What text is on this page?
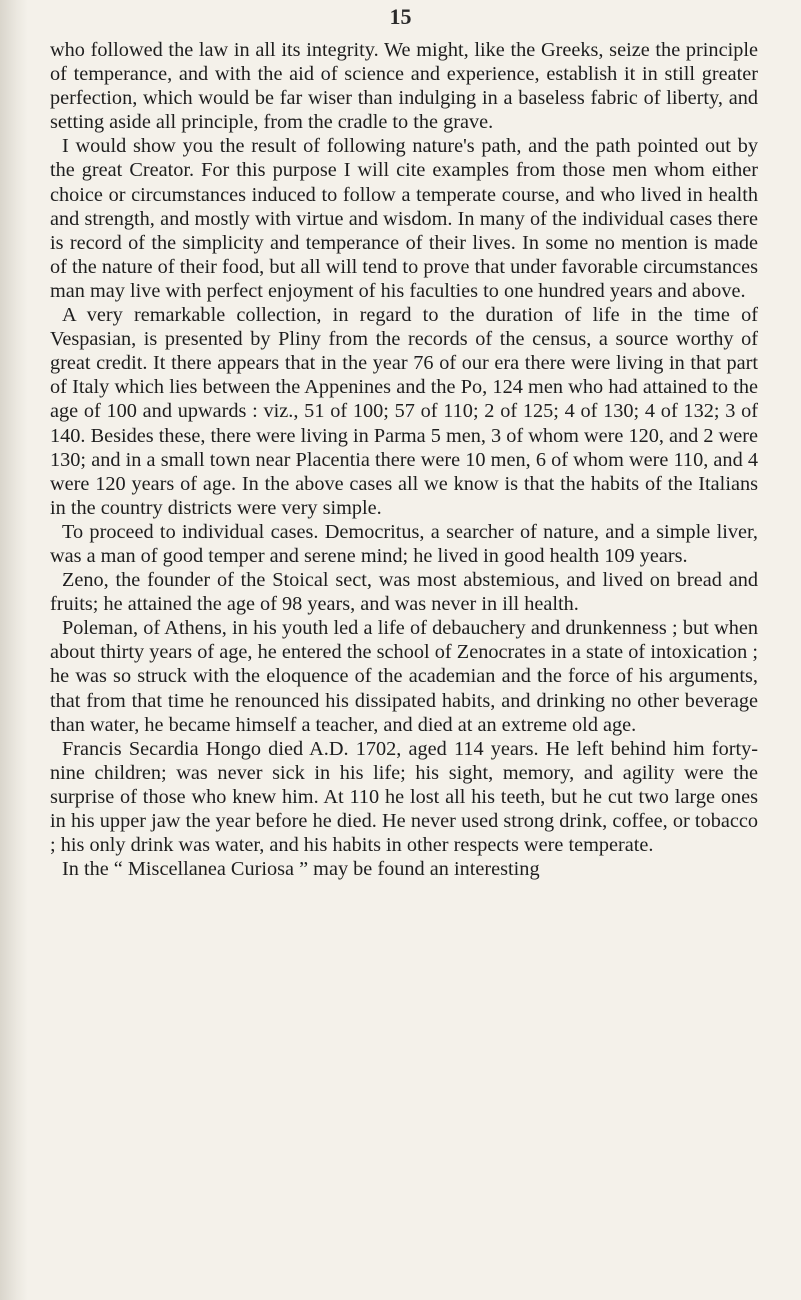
15

who followed the law in all its integrity. We might, like the Greeks, seize the principle of temperance, and with the aid of science and experience, establish it in still greater perfection, which would be far wiser than indulging in a baseless fabric of liberty, and setting aside all principle, from the cradle to the grave.

I would show you the result of following nature's path, and the path pointed out by the great Creator. For this purpose I will cite examples from those men whom either choice or circumstances induced to follow a temperate course, and who lived in health and strength, and mostly with virtue and wisdom. In many of the individual cases there is record of the simplicity and temperance of their lives. In some no mention is made of the nature of their food, but all will tend to prove that under favorable circumstances man may live with perfect enjoyment of his faculties to one hundred years and above.

A very remarkable collection, in regard to the duration of life in the time of Vespasian, is presented by Pliny from the records of the census, a source worthy of great credit. It there appears that in the year 76 of our era there were living in that part of Italy which lies between the Appenines and the Po, 124 men who had attained to the age of 100 and upwards : viz., 51 of 100; 57 of 110; 2 of 125; 4 of 130; 4 of 132; 3 of 140. Besides these, there were living in Parma 5 men, 3 of whom were 120, and 2 were 130; and in a small town near Placentia there were 10 men, 6 of whom were 110, and 4 were 120 years of age. In the above cases all we know is that the habits of the Italians in the country districts were very simple.

To proceed to individual cases. Democritus, a searcher of nature, and a simple liver, was a man of good temper and serene mind; he lived in good health 109 years.

Zeno, the founder of the Stoical sect, was most abstemious, and lived on bread and fruits; he attained the age of 98 years, and was never in ill health.

Poleman, of Athens, in his youth led a life of debauchery and drunkenness ; but when about thirty years of age, he entered the school of Zenocrates in a state of intoxication ; he was so struck with the eloquence of the academian and the force of his arguments, that from that time he renounced his dissipated habits, and drinking no other beverage than water, he became himself a teacher, and died at an extreme old age.

Francis Secardia Hongo died A.D. 1702, aged 114 years. He left behind him forty-nine children; was never sick in his life; his sight, memory, and agility were the surprise of those who knew him. At 110 he lost all his teeth, but he cut two large ones in his upper jaw the year before he died. He never used strong drink, coffee, or tobacco ; his only drink was water, and his habits in other respects were temperate.

In the “ Miscellanea Curiosa ” may be found an interesting
